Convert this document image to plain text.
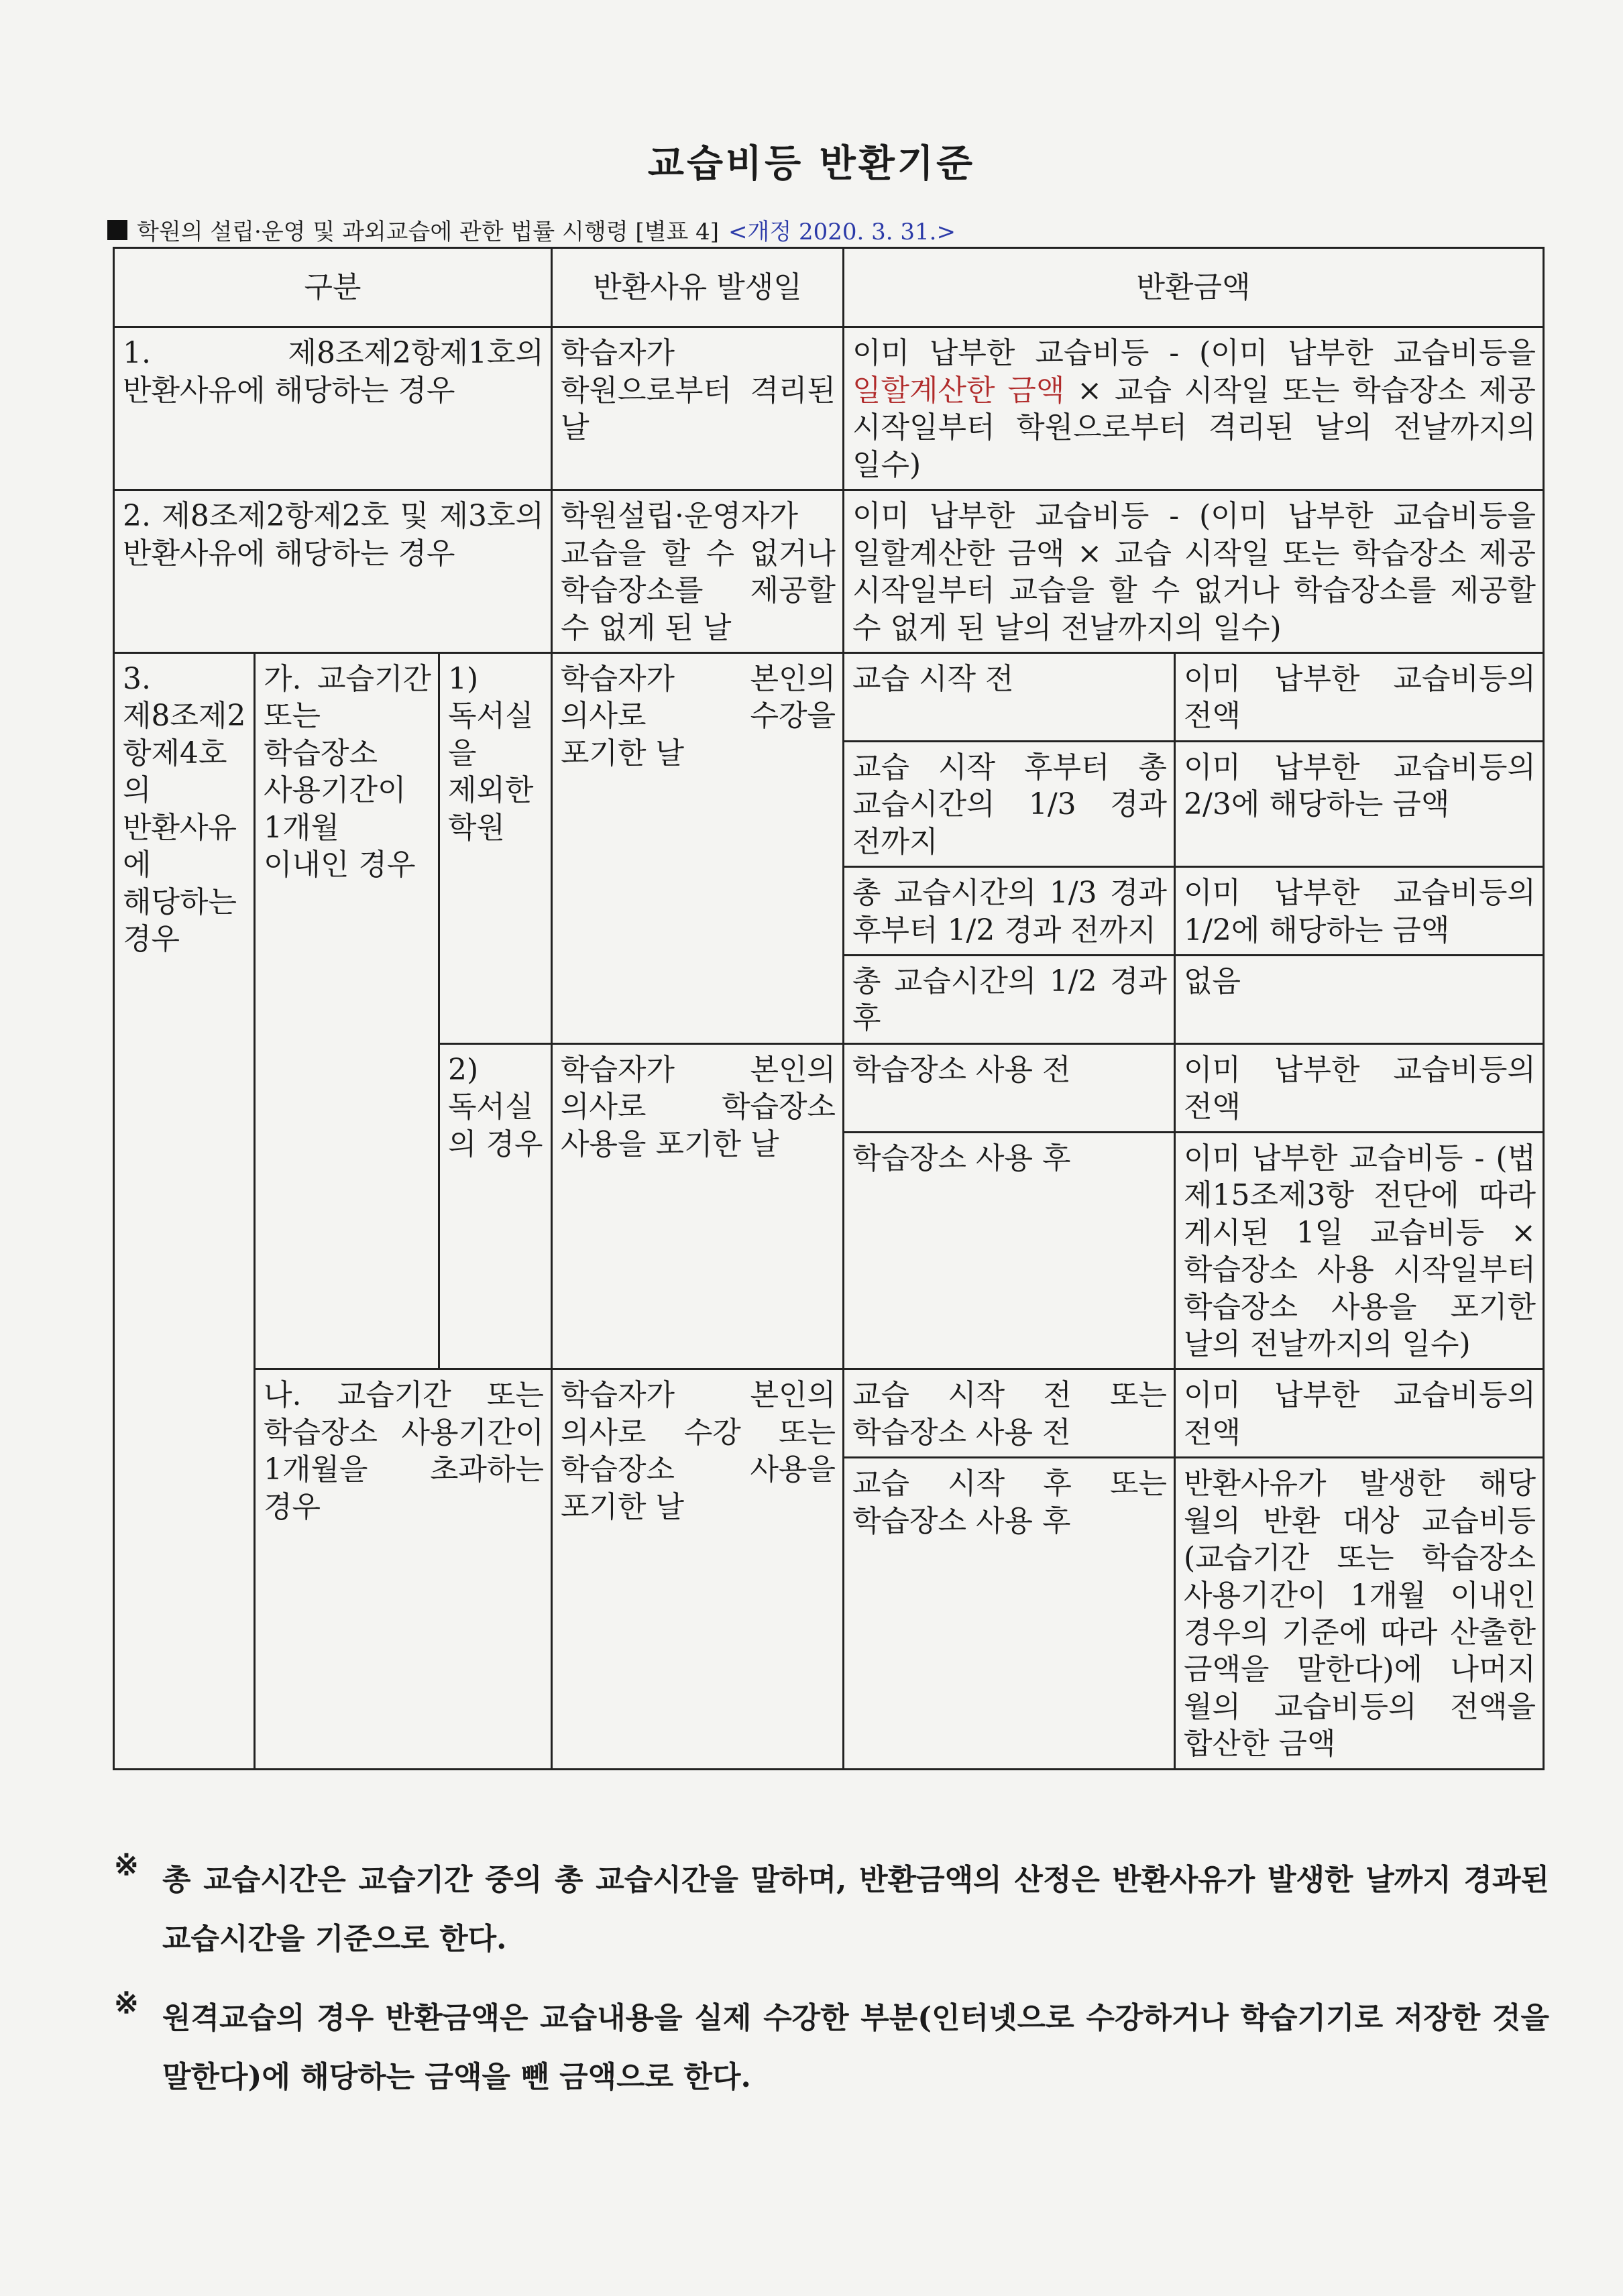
교습비등 반환기준
학원의 설립·운영 및 과외교습에 관한 법률 시행령 [별표 4] <개정 2020. 3. 31.>
구분			반환사유 발생일	반환금액	
1. 제8조제2항제1호의 반환사유에 해당하는 경우			학습자가 학원으로부터 격리된 날	이미 납부한 교습비등 - (이미 납부한 교습비등을 일할계산한 금액 × 교습 시작일 또는 학습장소 제공 시작일부터 학원으로부터 격리된 날의 전날까지의 일수)	
2. 제8조제2항제2호 및 제3호의 반환사유에 해당하는 경우			학원설립·운영자가 교습을 할 수 없거나 학습장소를 제공할 수 없게 된 날	이미 납부한 교습비등 - (이미 납부한 교습비등을 일할계산한 금액 × 교습 시작일 또는 학습장소 제공 시작일부터 교습을 할 수 없거나 학습장소를 제공할 수 없게 된 날의 전날까지의 일수)	
3. 제8조제2항제4호의 반환사유에 해당하는 경우	가. 교습기간 또는 학습장소 사용기간이 1개월 이내인 경우	1) 독서실을 제외한 학원	학습자가 본인의 의사로 수강을 포기한 날	교습 시작 전	이미 납부한 교습비등의 전액
				교습 시작 후부터 총 교습시간의 1/3 경과 전까지	이미 납부한 교습비등의 2/3에 해당하는 금액
				총 교습시간의 1/3 경과 후부터 1/2 경과 전까지	이미 납부한 교습비등의 1/2에 해당하는 금액
				총 교습시간의 1/2 경과 후	없음
		2) 독서실의 경우	학습자가 본인의 의사로 학습장소 사용을 포기한 날	학습장소 사용 전	이미 납부한 교습비등의 전액
				학습장소 사용 후	이미 납부한 교습비등 - (법 제15조제3항 전단에 따라 게시된 1일 교습비등 × 학습장소 사용 시작일부터 학습장소 사용을 포기한 날의 전날까지의 일수)
	나. 교습기간 또는 학습장소 사용기간이 1개월을 초과하는 경우		학습자가 본인의 의사로 수강 또는 학습장소 사용을 포기한 날	교습 시작 전 또는 학습장소 사용 전	이미 납부한 교습비등의 전액
				교습 시작 후 또는 학습장소 사용 후	반환사유가 발생한 해당 월의 반환 대상 교습비등(교습기간 또는 학습장소 사용기간이 1개월 이내인 경우의 기준에 따라 산출한 금액을 말한다)에 나머지 월의 교습비등의 전액을 합산한 금액
※ 총 교습시간은 교습기간 중의 총 교습시간을 말하며, 반환금액의 산정은 반환사유가 발생한 날까지 경과된 교습시간을 기준으로 한다.
※ 원격교습의 경우 반환금액은 교습내용을 실제 수강한 부분(인터넷으로 수강하거나 학습기기로 저장한 것을 말한다)에 해당하는 금액을 뺀 금액으로 한다.
